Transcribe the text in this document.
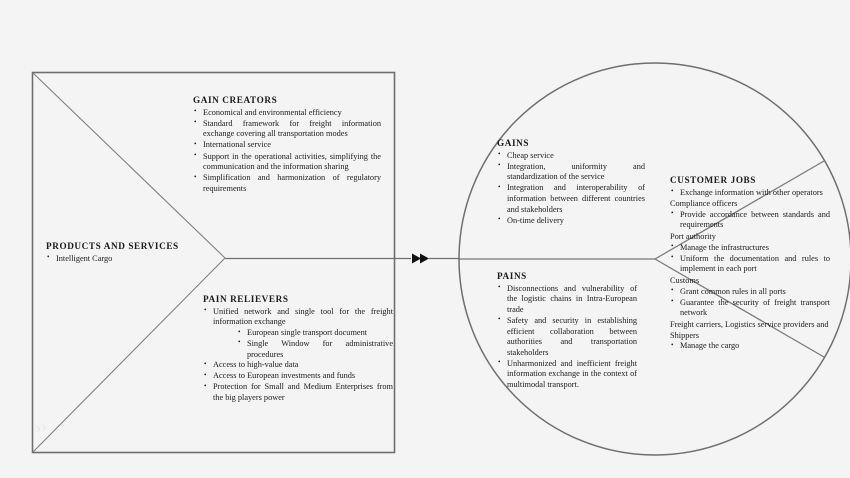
››
GAIN CREATORS
• Economical and environmental efficiency
• Standard framework for freight information exchange covering all transportation modes
• International service
• Support in the operational activities, simplifying the communication and the information sharing
• Simplification and harmonization of regulatory requirements
PRODUCTS AND SERVICES
• Intelligent Cargo
PAIN RELIEVERS
• Unified network and single tool for the freight information exchange
• European single transport document
• Single Window for administrative procedures
• Access to high-value data
• Access to European investments and funds
• Protection for Small and Medium Enterprises from the big players power
GAINS
• Cheap service
• Integration, uniformity and standardization of the service
• Integration and interoperability of information between different countries and stakeholders
• On-time delivery
PAINS
• Disconnections and vulnerability of the logistic chains in Intra-European trade
• Safety and security in establishing efficient collaboration between authorities and transportation stakeholders
• Unharmonized and inefficient freight information exchange in the context of multimodal transport.
CUSTOMER JOBS
• Exchange information with other operators
Compliance officers
• Provide accordance between standards and requirements
Port authority
• Manage the infrastructures
• Uniform the documentation and rules to implement in each port
Customs
• Grant common rules in all ports
• Guarantee the security of freight transport network
Freight carriers, Logistics service providers and Shippers
• Manage the cargo
